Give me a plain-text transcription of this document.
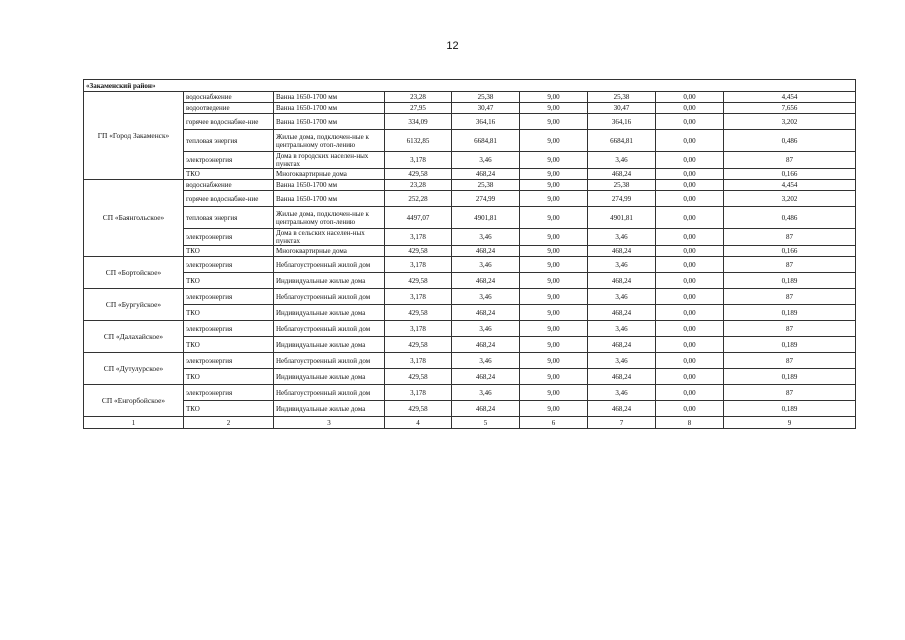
12
«Закаменский район»								
ГП «Город Закаменск»	водоснабжение	Ванна 1650-1700 мм	23,28	25,38	9,00	25,38	0,00	4,454
	водоотведение	Ванна 1650-1700 мм	27,95	30,47	9,00	30,47	0,00	7,656
	горячее водоснабже-ние	Ванна 1650-1700 мм	334,09	364,16	9,00	364,16	0,00	3,202
	тепловая энергия	Жилые дома, подключен-ные к центральному отоп-лению	6132,85	6684,81	9,00	6684,81	0,00	0,486
	электроэнергия	Дома в городских населен-ных пунктах	3,178	3,46	9,00	3,46	0,00	87
	ТКО	Многоквартирные дома	429,58	468,24	9,00	468,24	0,00	0,166
СП «Баянгольское»	водоснабжение	Ванна 1650-1700 мм	23,28	25,38	9,00	25,38	0,00	4,454
	горячее водоснабже-ние	Ванна 1650-1700 мм	252,28	274,99	9,00	274,99	0,00	3,202
	тепловая энергия	Жилые дома, подключен-ные к центральному отоп-лению	4497,07	4901,81	9,00	4901,81	0,00	0,486
	электроэнергия	Дома в сельских населен-ных пунктах	3,178	3,46	9,00	3,46	0,00	87
	ТКО	Многоквартирные дома	429,58	468,24	9,00	468,24	0,00	0,166
СП «Бортойское»	электроэнергия	Неблагоустроенный жилой дом	3,178	3,46	9,00	3,46	0,00	87
	ТКО	Индивидуальные жилые дома	429,58	468,24	9,00	468,24	0,00	0,189
СП «Бургуйское»	электроэнергия	Неблагоустроенный жилой дом	3,178	3,46	9,00	3,46	0,00	87
	ТКО	Индивидуальные жилые дома	429,58	468,24	9,00	468,24	0,00	0,189
СП «Далахайское»	электроэнергия	Неблагоустроенный жилой дом	3,178	3,46	9,00	3,46	0,00	87
	ТКО	Индивидуальные жилые дома	429,58	468,24	9,00	468,24	0,00	0,189
СП «Дутулурское»	электроэнергия	Неблагоустроенный жилой дом	3,178	3,46	9,00	3,46	0,00	87
	ТКО	Индивидуальные жилые дома	429,58	468,24	9,00	468,24	0,00	0,189
СП «Енгорбойское»	электроэнергия	Неблагоустроенный жилой дом	3,178	3,46	9,00	3,46	0,00	87
	ТКО	Индивидуальные жилые дома	429,58	468,24	9,00	468,24	0,00	0,189
1	2	3	4	5	6	7	8	9
